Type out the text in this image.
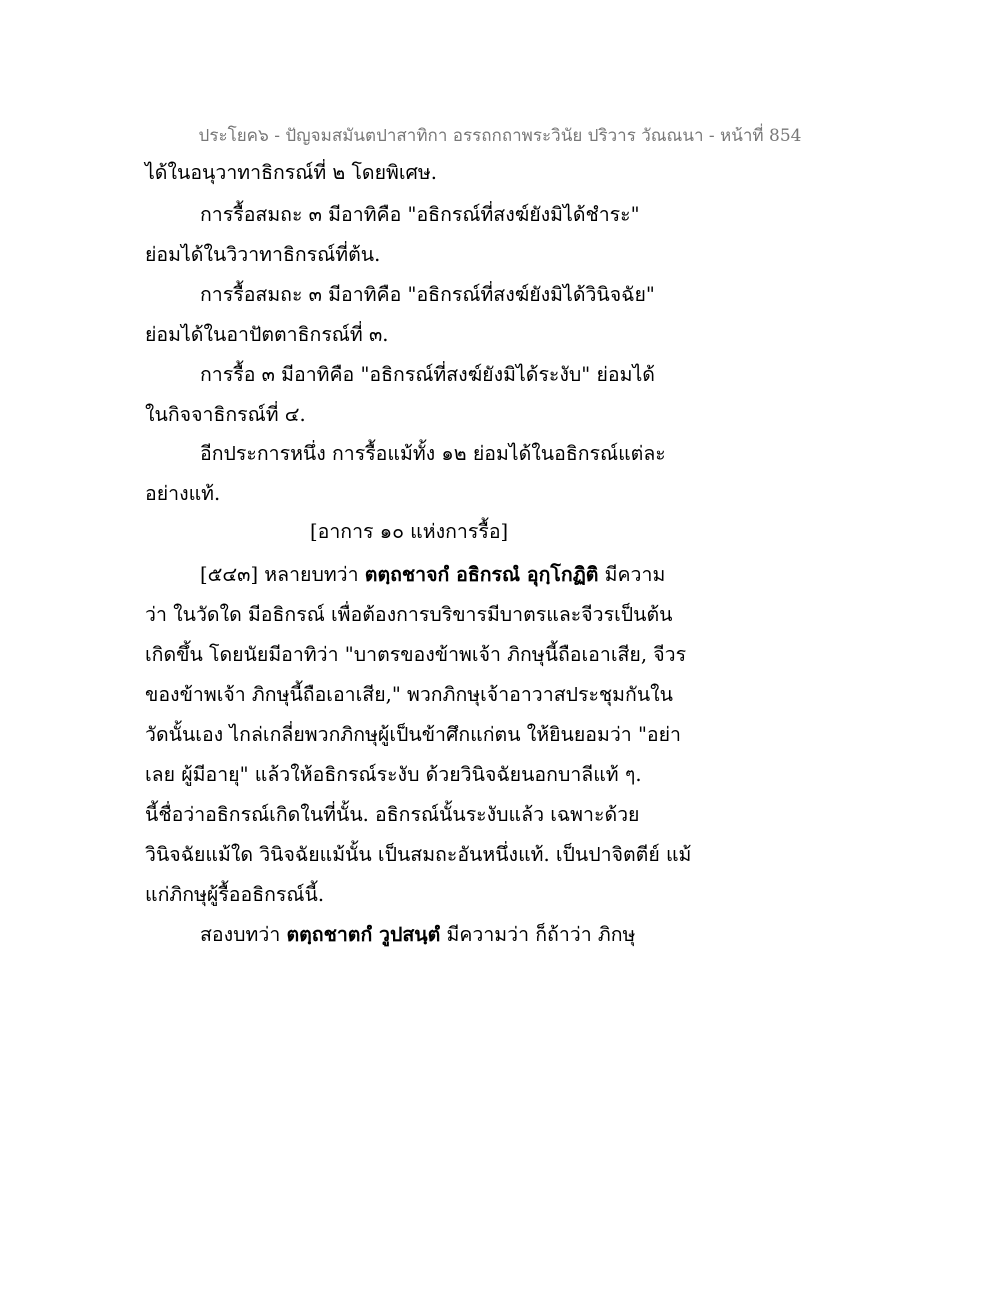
ประโยค๖ - ปัญจมสมันตปาสาทิกา อรรถกถาพระวินัย ปริวาร วัณณนา - หน้าที่ 854
ได้ในอนุวาทาธิกรณ์ที่ ๒ โดยพิเศษ.
การรื้อสมถะ ๓ มีอาทิคือ "อธิกรณ์ที่สงฆ์ยังมิได้ชำระ"
ย่อมได้ในวิวาทาธิกรณ์ที่ต้น.
การรื้อสมถะ ๓ มีอาทิคือ "อธิกรณ์ที่สงฆ์ยังมิได้วินิจฉัย"
ย่อมได้ในอาปัตตาธิกรณ์ที่ ๓.
การรื้อ ๓ มีอาทิคือ "อธิกรณ์ที่สงฆ์ยังมิได้ระงับ" ย่อมได้
ในกิจจาธิกรณ์ที่ ๔.
อีกประการหนึ่ง การรื้อแม้ทั้ง ๑๒ ย่อมได้ในอธิกรณ์แต่ละ
อย่างแท้.
[อาการ ๑๐ แห่งการรื้อ]
[๕๔๓] หลายบทว่า ตตฺถชาจกํ อธิกรณํ อุกฺโกฏิติ มีความ
ว่า ในวัดใด มีอธิกรณ์ เพื่อต้องการบริขารมีบาตรและจีวรเป็นต้น
เกิดขึ้น โดยนัยมีอาทิว่า "บาตรของข้าพเจ้า ภิกษุนี้ถือเอาเสีย, จีวร
ของข้าพเจ้า ภิกษุนี้ถือเอาเสีย," พวกภิกษุเจ้าอาวาสประชุมกันใน
วัดนั้นเอง ไกล่เกลี่ยพวกภิกษุผู้เป็นข้าศึกแก่ตน ให้ยินยอมว่า "อย่า
เลย ผู้มีอายุ" แล้วให้อธิกรณ์ระงับ ด้วยวินิจฉัยนอกบาลีแท้ ๆ.
นี้ชื่อว่าอธิกรณ์เกิดในที่นั้น. อธิกรณ์นั้นระงับแล้ว เฉพาะด้วย
วินิจฉัยแม้ใด วินิจฉัยแม้นั้น เป็นสมถะอันหนึ่งแท้. เป็นปาจิตตีย์ แม้
แก่ภิกษุผู้รื้ออธิกรณ์นี้.
สองบทว่า ตตฺถชาตกํ วูปสนฺตํ มีความว่า ก็ถ้าว่า ภิกษุ
